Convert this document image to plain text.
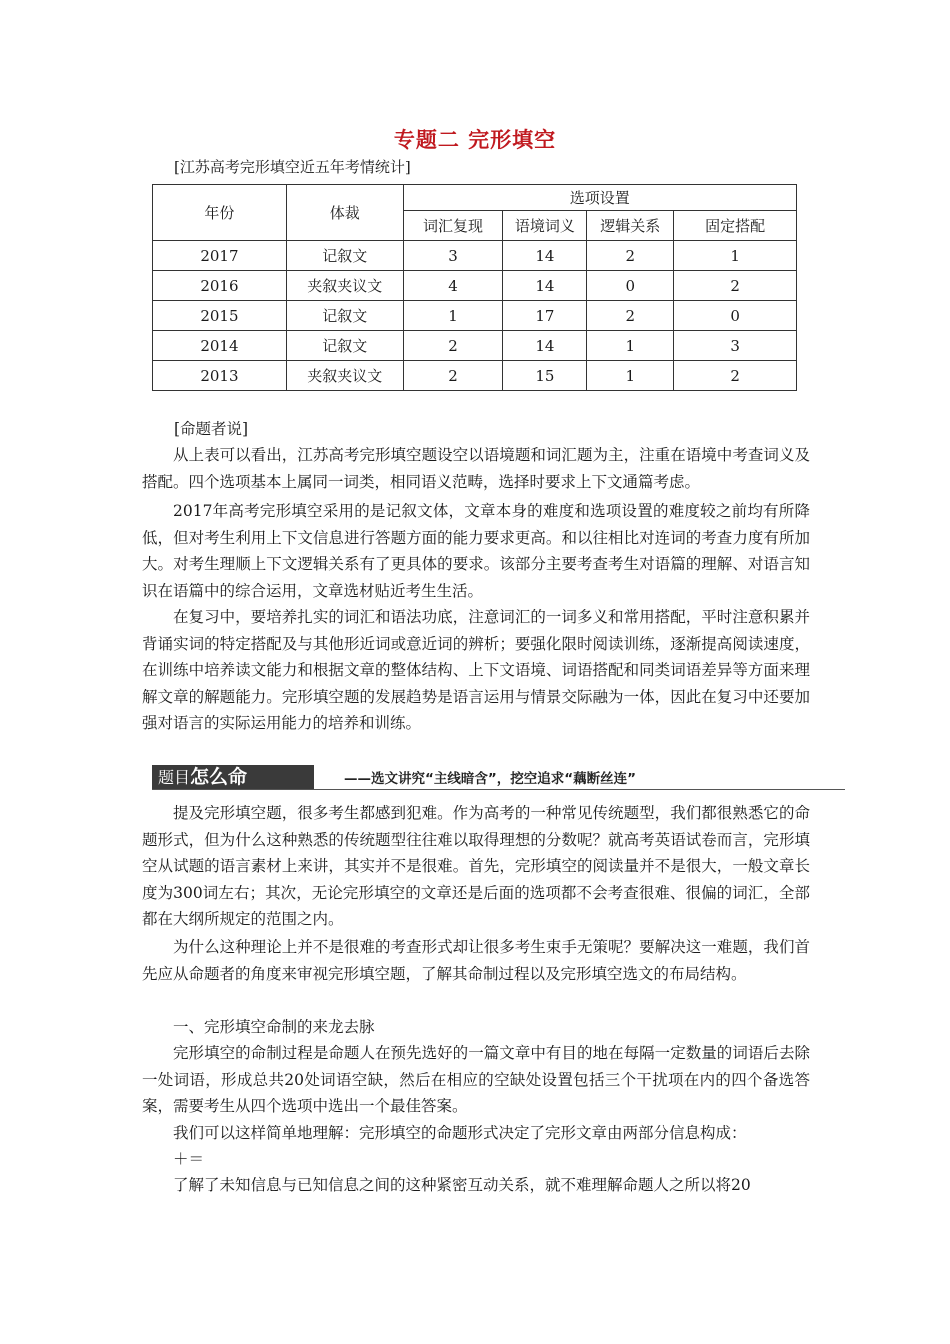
专题二 完形填空
[江苏高考完形填空近五年考情统计]
年份	体裁	选项设置			
		词汇复现	语境词义	逻辑关系	固定搭配
2017	记叙文	3	14	2	1
2016	夹叙夹议文	4	14	0	2
2015	记叙文	1	17	2	0
2014	记叙文	2	14	1	3
2013	夹叙夹议文	2	15	1	2

[命题者说]

从上表可以看出，江苏高考完形填空题设空以语境题和词汇题为主，注重在语境中考查词义及搭配。四个选项基本上属同一词类，相同语义范畴，选择时要求上下文通篇考虑。

2017年高考完形填空采用的是记叙文体，文章本身的难度和选项设置的难度较之前均有所降低，但对考生利用上下文信息进行答题方面的能力要求更高。和以往相比对连词的考查力度有所加大。对考生理顺上下文逻辑关系有了更具体的要求。该部分主要考查考生对语篇的理解、对语言知识在语篇中的综合运用，文章选材贴近考生生活。

在复习中，要培养扎实的词汇和语法功底，注意词汇的一词多义和常用搭配，平时注意积累并背诵实词的特定搭配及与其他形近词或意近词的辨析；要强化限时阅读训练，逐渐提高阅读速度，在训练中培养读文能力和根据文章的整体结构、上下文语境、词语搭配和同类词语差异等方面来理解文章的解题能力。完形填空题的发展趋势是语言运用与情景交际融为一体，因此在复习中还要加强对语言的实际运用能力的培养和训练。

题目怎么命	——选文讲究“主线暗含”，挖空追求“藕断丝连”

提及完形填空题，很多考生都感到犯难。作为高考的一种常见传统题型，我们都很熟悉它的命题形式，但为什么这种熟悉的传统题型往往难以取得理想的分数呢？就高考英语试卷而言，完形填空从试题的语言素材上来讲，其实并不是很难。首先，完形填空的阅读量并不是很大，一般文章长度为300词左右；其次，无论完形填空的文章还是后面的选项都不会考查很难、很偏的词汇，全部都在大纲所规定的范围之内。

为什么这种理论上并不是很难的考查形式却让很多考生束手无策呢？要解决这一难题，我们首先应从命题者的角度来审视完形填空题，了解其命制过程以及完形填空选文的布局结构。

一、完形填空命制的来龙去脉

完形填空的命制过程是命题人在预先选好的一篇文章中有目的地在每隔一定数量的词语后去除一处词语，形成总共20处词语空缺，然后在相应的空缺处设置包括三个干扰项在内的四个备选答案，需要考生从四个选项中选出一个最佳答案。

我们可以这样简单地理解：完形填空的命题形式决定了完形文章由两部分信息构成：

＋＝

了解了未知信息与已知信息之间的这种紧密互动关系，就不难理解命题人之所以将20
